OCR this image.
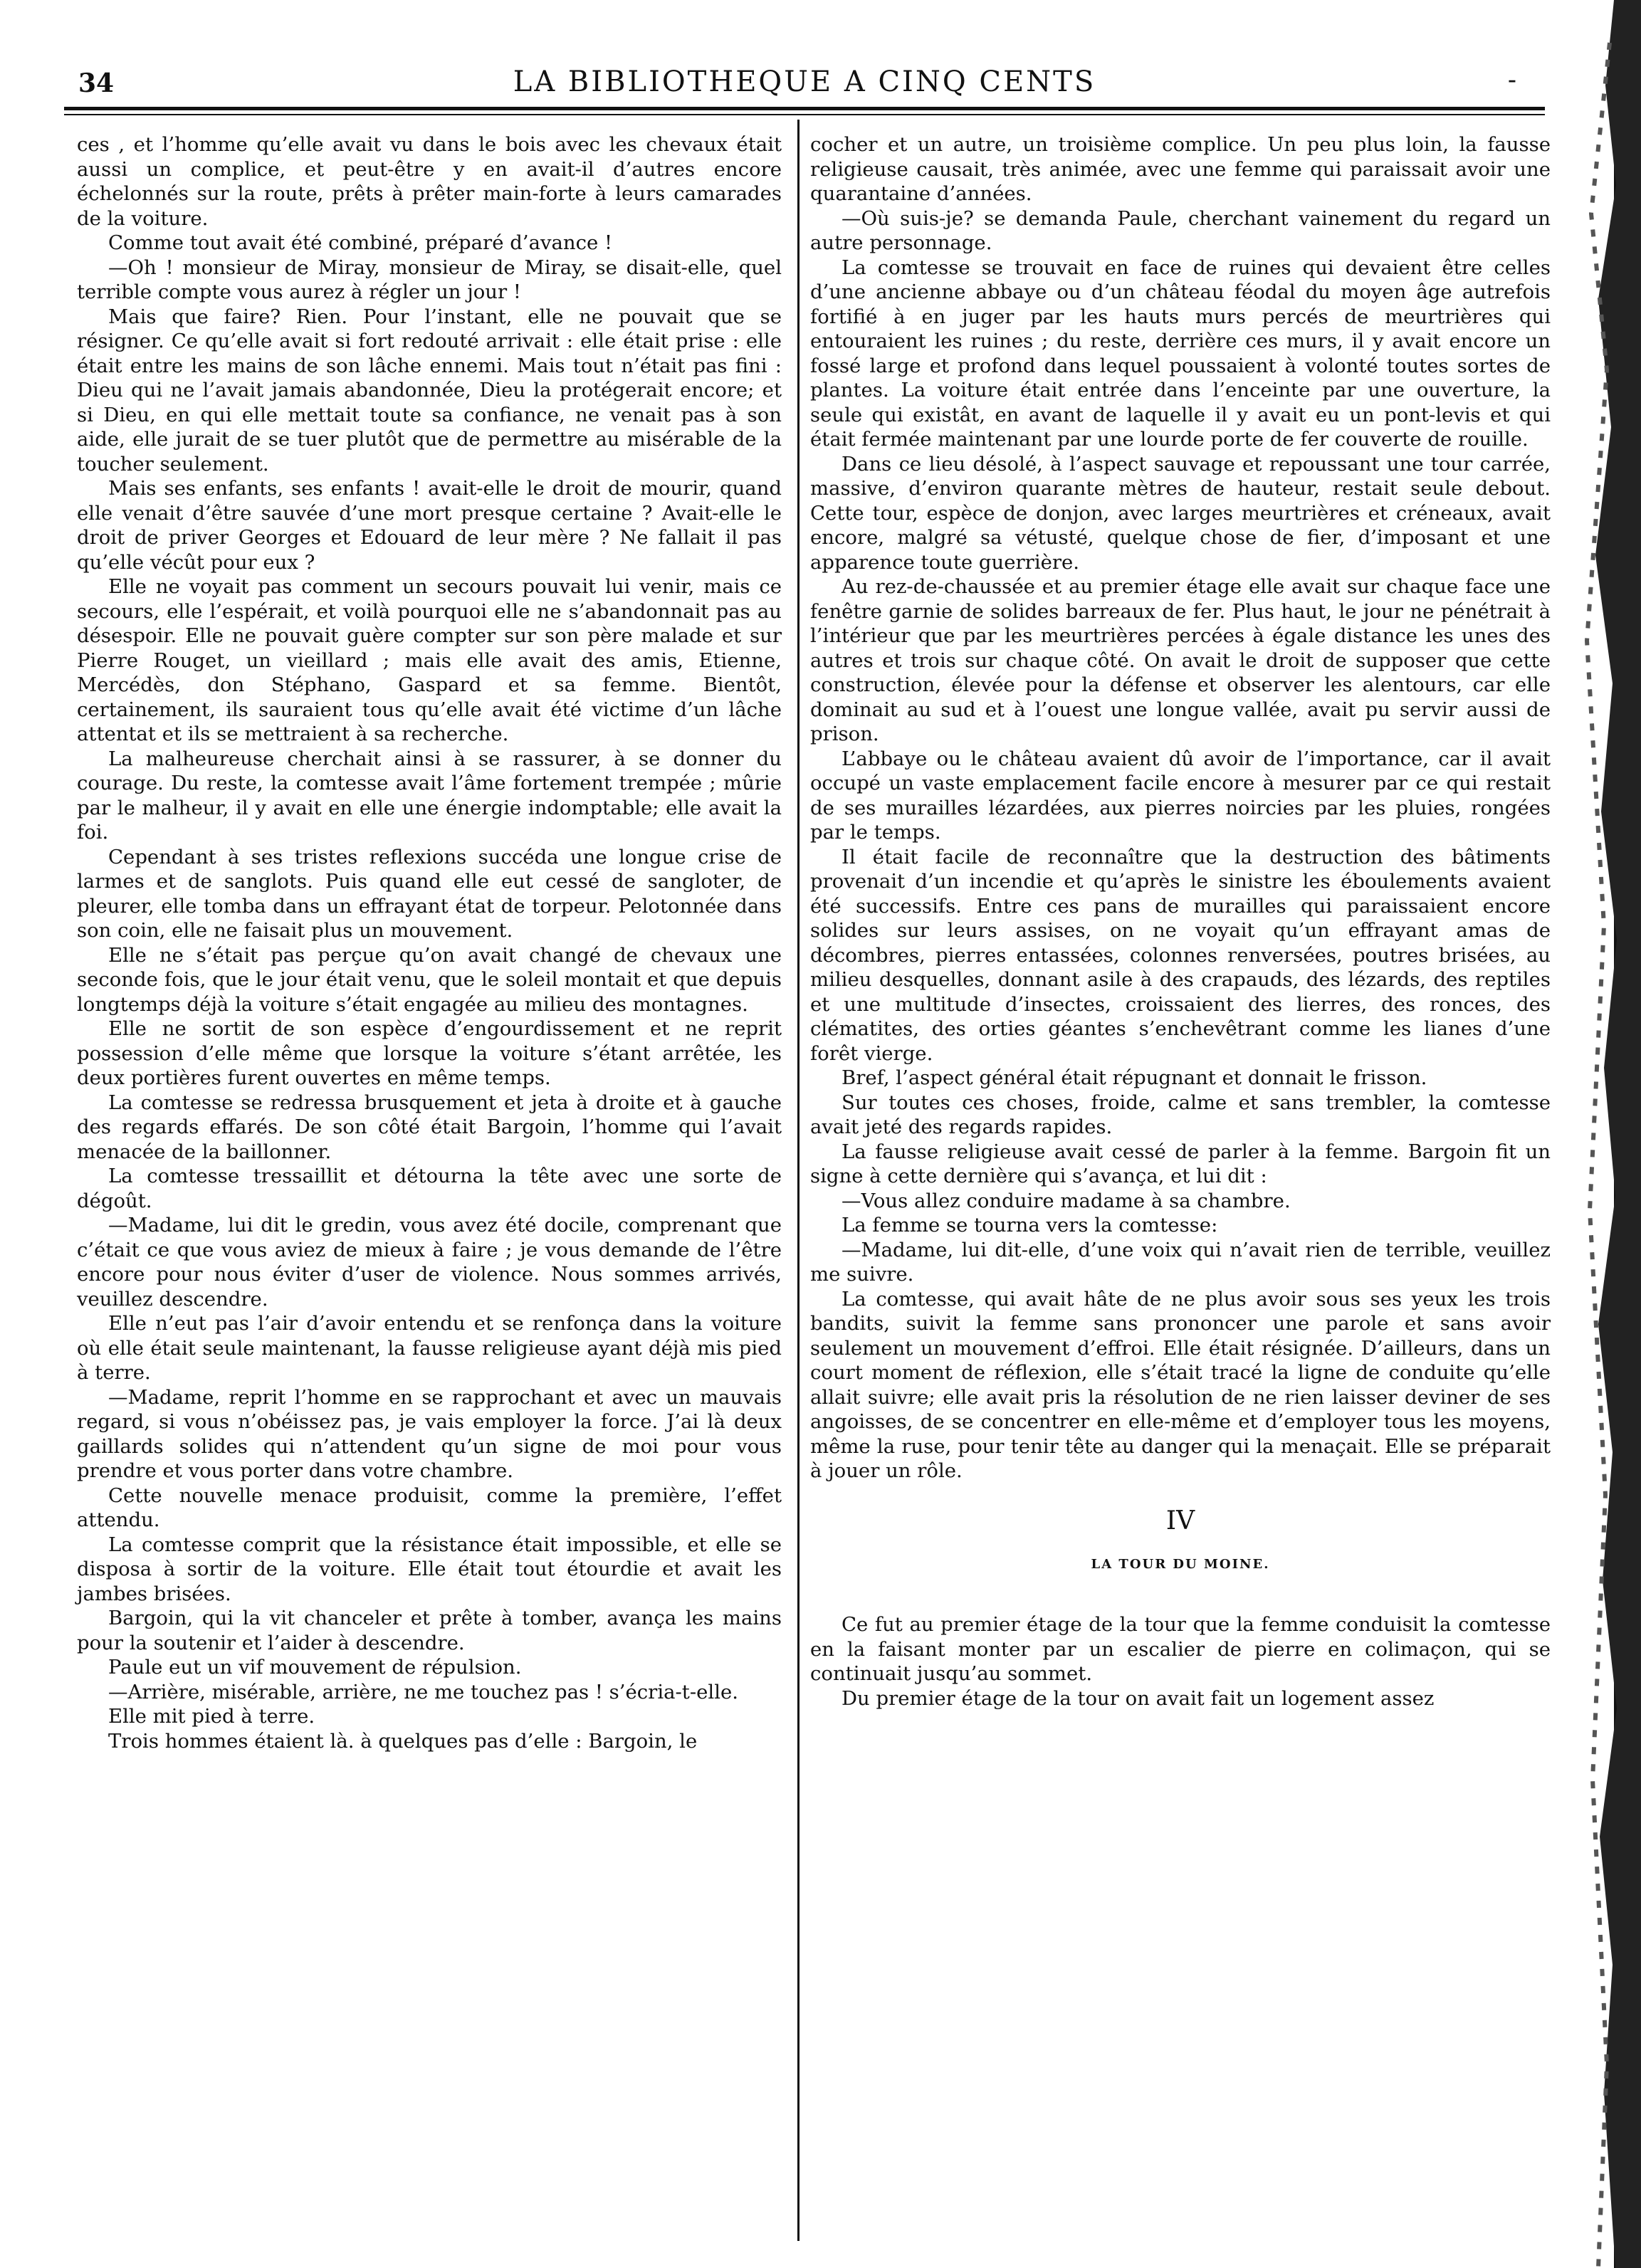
34	LA BIBLIOTHEQUE A CINQ CENTS	-

ces , et l’homme qu’elle avait vu dans le bois avec les chevaux était aussi un complice, et peut-être y en avait-il d’autres encore échelonnés sur la route, prêts à prêter main-forte à leurs camarades de la voiture.

Comme tout avait été combiné, préparé d’avance !

—Oh ! monsieur de Miray, monsieur de Miray, se disait-elle, quel terrible compte vous aurez à régler un jour !

Mais que faire? Rien. Pour l’instant, elle ne pouvait que se résigner. Ce qu’elle avait si fort redouté arrivait : elle était prise : elle était entre les mains de son lâche ennemi. Mais tout n’était pas fini : Dieu qui ne l’avait jamais abandonnée, Dieu la protégerait encore; et si Dieu, en qui elle mettait toute sa confiance, ne venait pas à son aide, elle jurait de se tuer plutôt que de permettre au misérable de la toucher seulement.

Mais ses enfants, ses enfants ! avait-elle le droit de mourir, quand elle venait d’être sauvée d’une mort presque certaine ? Avait-elle le droit de priver Georges et Edouard de leur mère ? Ne fallait il pas qu’elle vécût pour eux ?

Elle ne voyait pas comment un secours pouvait lui venir, mais ce secours, elle l’espérait, et voilà pourquoi elle ne s’abandonnait pas au désespoir. Elle ne pouvait guère compter sur son père malade et sur Pierre Rouget, un vieillard ; mais elle avait des amis, Etienne, Mercédès, don Stéphano, Gaspard et sa femme. Bientôt, certainement, ils sauraient tous qu’elle avait été victime d’un lâche attentat et ils se mettraient à sa recherche.

La malheureuse cherchait ainsi à se rassurer, à se donner du courage. Du reste, la comtesse avait l’âme fortement trempée ; mûrie par le malheur, il y avait en elle une énergie indomptable; elle avait la foi.

Cependant à ses tristes reflexions succéda une longue crise de larmes et de sanglots. Puis quand elle eut cessé de sangloter, de pleurer, elle tomba dans un effrayant état de torpeur. Pelotonnée dans son coin, elle ne faisait plus un mouvement.

Elle ne s’était pas perçue qu’on avait changé de chevaux une seconde fois, que le jour était venu, que le soleil montait et que depuis longtemps déjà la voiture s’était engagée au milieu des montagnes.

Elle ne sortit de son espèce d’engourdissement et ne reprit possession d’elle même que lorsque la voiture s’étant arrêtée, les deux portières furent ouvertes en même temps.

La comtesse se redressa brusquement et jeta à droite et à gauche des regards effarés. De son côté était Bargoin, l’homme qui l’avait menacée de la baillonner.

La comtesse tressaillit et détourna la tête avec une sorte de dégoût.

—Madame, lui dit le gredin, vous avez été docile, comprenant que c’était ce que vous aviez de mieux à faire ; je vous demande de l’être encore pour nous éviter d’user de violence. Nous sommes arrivés, veuillez descendre.

Elle n’eut pas l’air d’avoir entendu et se renfonça dans la voiture où elle était seule maintenant, la fausse religieuse ayant déjà mis pied à terre.

—Madame, reprit l’homme en se rapprochant et avec un mauvais regard, si vous n’obéissez pas, je vais employer la force. J’ai là deux gaillards solides qui n’attendent qu’un signe de moi pour vous prendre et vous porter dans votre chambre.

Cette nouvelle menace produisit, comme la première, l’effet attendu.

La comtesse comprit que la résistance était impossible, et elle se disposa à sortir de la voiture. Elle était tout étourdie et avait les jambes brisées.

Bargoin, qui la vit chanceler et prête à tomber, avança les mains pour la soutenir et l’aider à descendre.

Paule eut un vif mouvement de répulsion.

—Arrière, misérable, arrière, ne me touchez pas ! s’écria-t-elle.

Elle mit pied à terre.

Trois hommes étaient là. à quelques pas d’elle : Bargoin, le

cocher et un autre, un troisième complice. Un peu plus loin, la fausse religieuse causait, très animée, avec une femme qui paraissait avoir une quarantaine d’années.

—Où suis-je? se demanda Paule, cherchant vainement du regard un autre personnage.

La comtesse se trouvait en face de ruines qui devaient être celles d’une ancienne abbaye ou d’un château féodal du moyen âge autrefois fortifié à en juger par les hauts murs percés de meurtrières qui entouraient les ruines ; du reste, derrière ces murs, il y avait encore un fossé large et profond dans lequel poussaient à volonté toutes sortes de plantes. La voiture était entrée dans l’enceinte par une ouverture, la seule qui existât, en avant de laquelle il y avait eu un pont-levis et qui était fermée maintenant par une lourde porte de fer couverte de rouille.

Dans ce lieu désolé, à l’aspect sauvage et repoussant une tour carrée, massive, d’environ quarante mètres de hauteur, restait seule debout. Cette tour, espèce de donjon, avec larges meurtrières et créneaux, avait encore, malgré sa vétusté, quelque chose de fier, d’imposant et une apparence toute guerrière.

Au rez-de-chaussée et au premier étage elle avait sur chaque face une fenêtre garnie de solides barreaux de fer. Plus haut, le jour ne pénétrait à l’intérieur que par les meurtrières percées à égale distance les unes des autres et trois sur chaque côté. On avait le droit de supposer que cette construction, élevée pour la défense et observer les alentours, car elle dominait au sud et à l’ouest une longue vallée, avait pu servir aussi de prison.

L’abbaye ou le château avaient dû avoir de l’importance, car il avait occupé un vaste emplacement facile encore à mesurer par ce qui restait de ses murailles lézardées, aux pierres noircies par les pluies, rongées par le temps.

Il était facile de reconnaître que la destruction des bâtiments provenait d’un incendie et qu’après le sinistre les éboulements avaient été successifs. Entre ces pans de murailles qui paraissaient encore solides sur leurs assises, on ne voyait qu’un effrayant amas de décombres, pierres entassées, colonnes renversées, poutres brisées, au milieu desquelles, donnant asile à des crapauds, des lézards, des reptiles et une multitude d’insectes, croissaient des lierres, des ronces, des clématites, des orties géantes s’enchevêtrant comme les lianes d’une forêt vierge.

Bref, l’aspect général était répugnant et donnait le frisson.

Sur toutes ces choses, froide, calme et sans trembler, la comtesse avait jeté des regards rapides.

La fausse religieuse avait cessé de parler à la femme. Bargoin fit un signe à cette dernière qui s’avança, et lui dit :

—Vous allez conduire madame à sa chambre.

La femme se tourna vers la comtesse:

—Madame, lui dit-elle, d’une voix qui n’avait rien de terrible, veuillez me suivre.

La comtesse, qui avait hâte de ne plus avoir sous ses yeux les trois bandits, suivit la femme sans prononcer une parole et sans avoir seulement un mouvement d’effroi. Elle était résignée. D’ailleurs, dans un court moment de réflexion, elle s’était tracé la ligne de conduite qu’elle allait suivre; elle avait pris la résolution de ne rien laisser deviner de ses angoisses, de se concentrer en elle-même et d’employer tous les moyens, même la ruse, pour tenir tête au danger qui la menaçait. Elle se préparait à jouer un rôle.

IV
LA TOUR DU MOINE.

Ce fut au premier étage de la tour que la femme conduisit la comtesse en la faisant monter par un escalier de pierre en colimaçon, qui se continuait jusqu’au sommet.

Du premier étage de la tour on avait fait un logement assez
